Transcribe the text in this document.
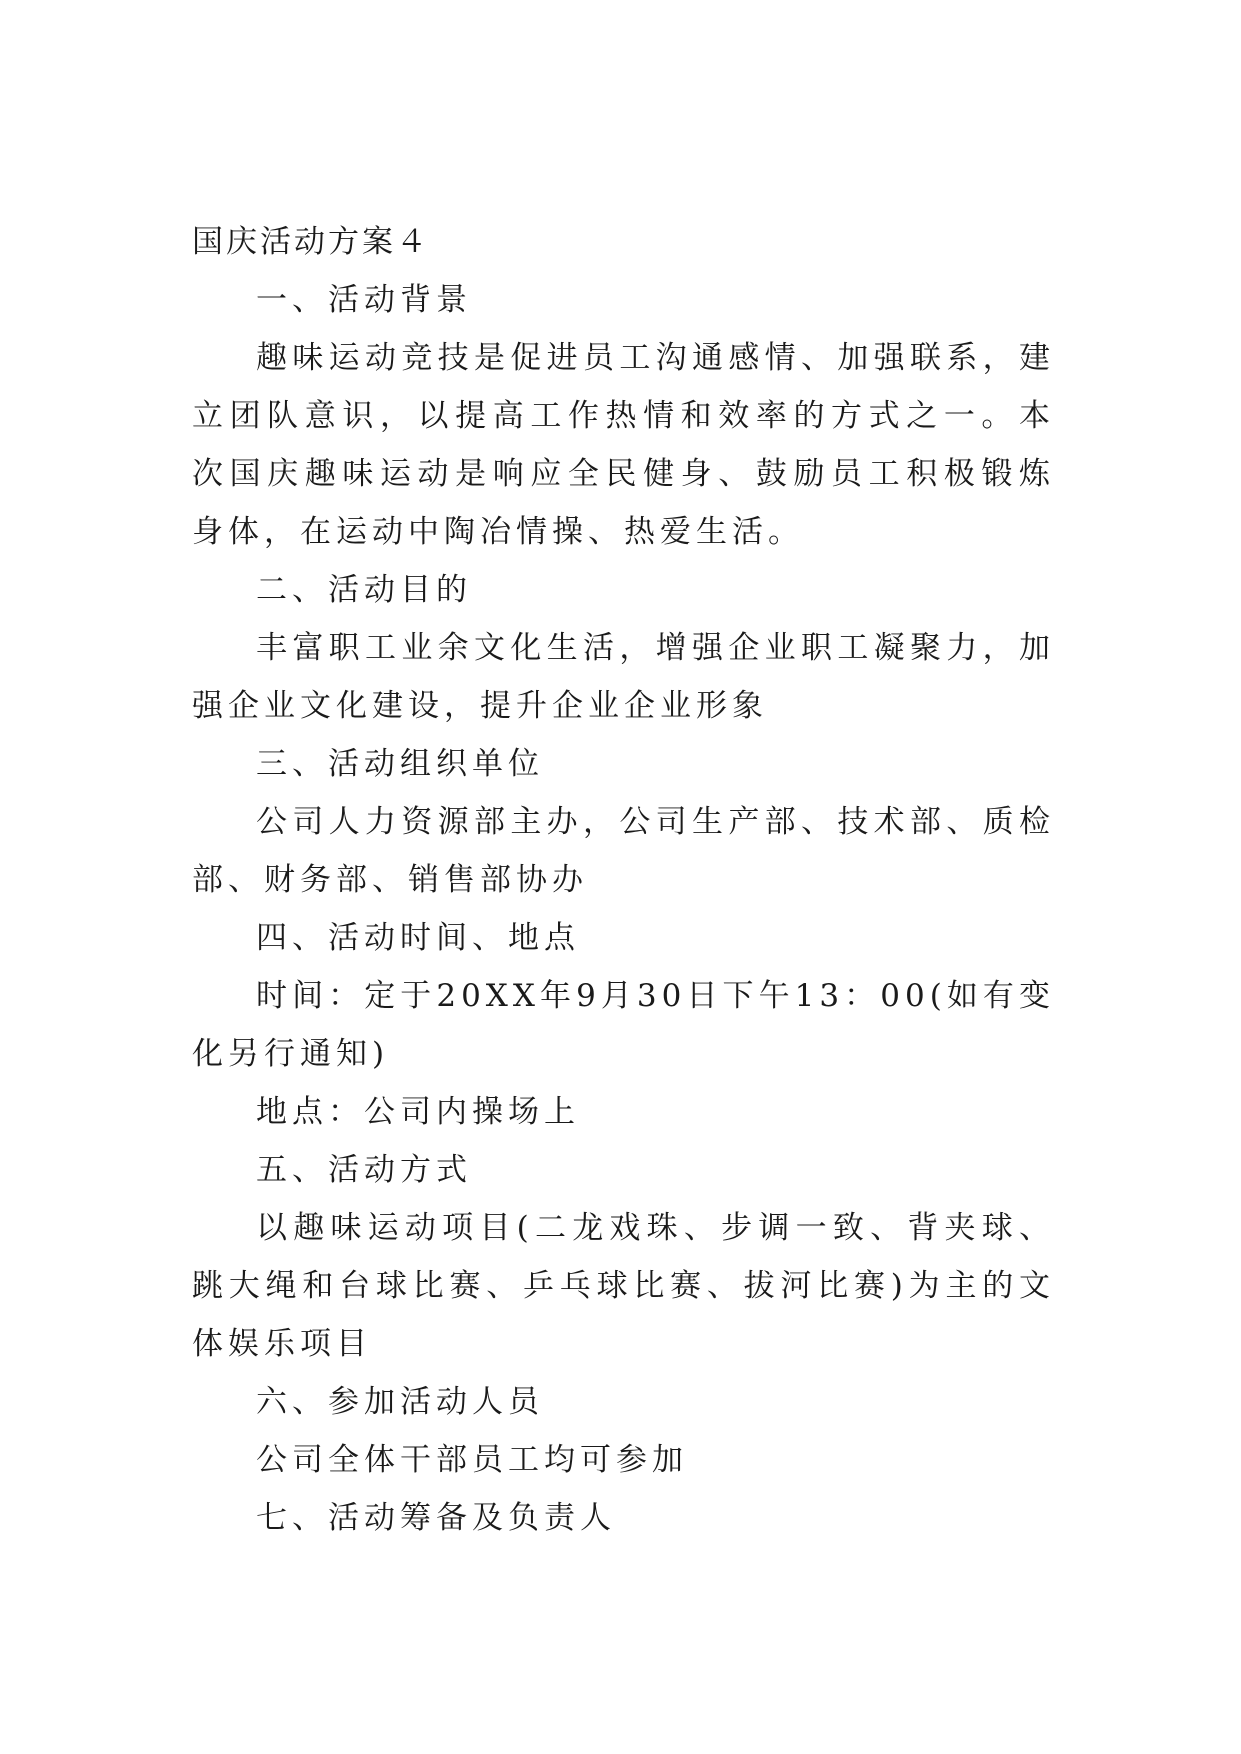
国庆活动方案４
一、活动背景

趣味运动竞技是促进员工沟通感情、加强联系，建立团队意识，以提高工作热情和效率的方式之一。本次国庆趣味运动是响应全民健身、鼓励员工积极锻炼身体，在运动中陶冶情操、热爱生活。

二、活动目的

丰富职工业余文化生活，增强企业职工凝聚力，加强企业文化建设，提升企业企业形象

三、活动组织单位

公司人力资源部主办，公司生产部、技术部、质检部、财务部、销售部协办

四、活动时间、地点

时间：定于20XX年9月30日下午13：00(如有变化另行通知)

地点：公司内操场上

五、活动方式

以趣味运动项目(二龙戏珠、步调一致、背夹球、跳大绳和台球比赛、乒乓球比赛、拔河比赛)为主的文体娱乐项目

六、参加活动人员

公司全体干部员工均可参加

七、活动筹备及负责人
